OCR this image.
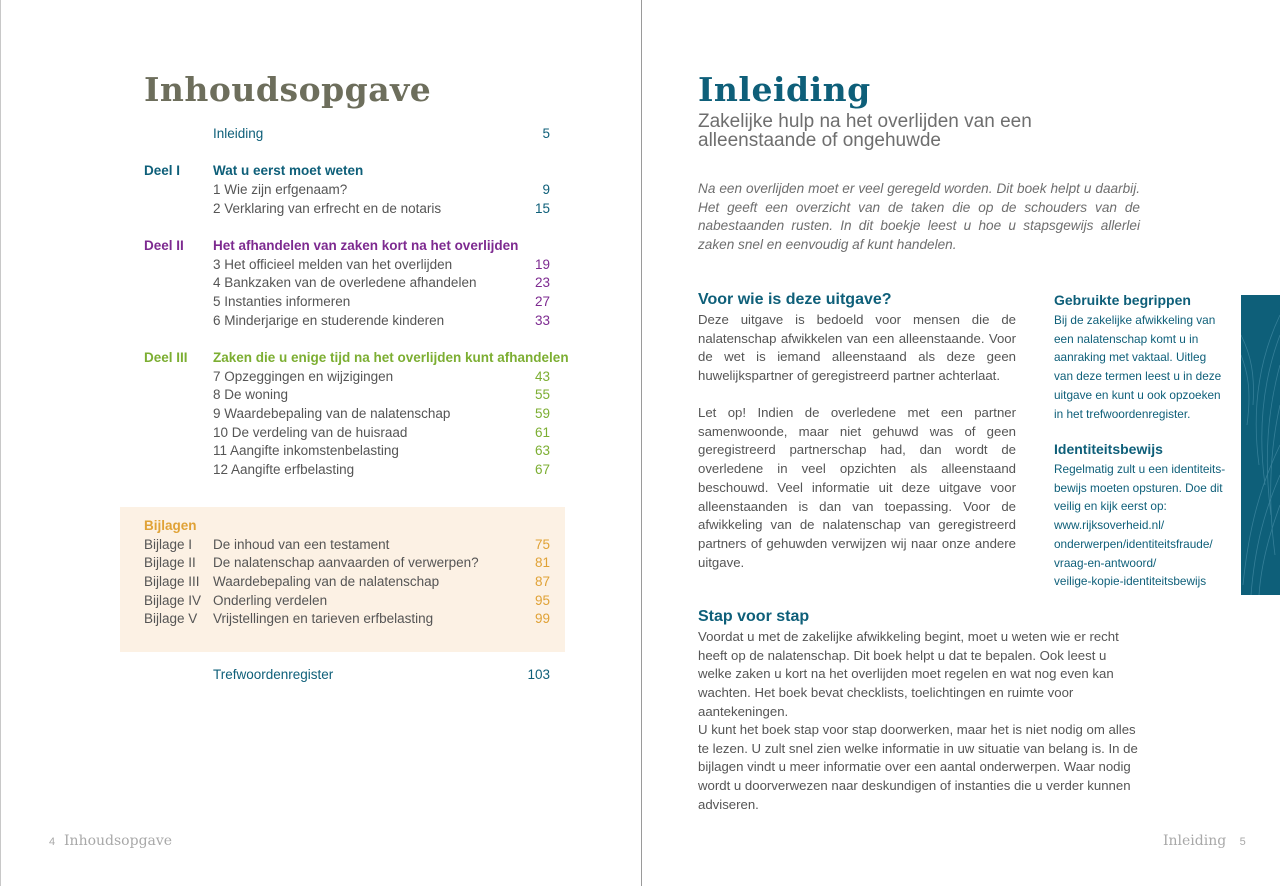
Inhoudsopgave
Inleiding	5
Deel I Wat u eerst moet weten
1 Wie zijn erfgenaam?	9
2 Verklaring van erfrecht en de notaris	15
Deel II Het afhandelen van zaken kort na het overlijden
3 Het officieel melden van het overlijden	19
4 Bankzaken van de overledene afhandelen	23
5 Instanties informeren	27
6 Minderjarige en studerende kinderen	33
Deel III Zaken die u enige tijd na het overlijden kunt afhandelen
7 Opzeggingen en wijzigingen	43
8 De woning	55
9 Waardebepaling van de nalatenschap	59
10 De verdeling van de huisraad	61
11 Aangifte inkomstenbelasting	63
12 Aangifte erfbelasting	67
Bijlagen
Bijlage I De inhoud van een testament	75
Bijlage II De nalatenschap aanvaarden of verwerpen?	81
Bijlage III Waardebepaling van de nalatenschap	87
Bijlage IV Onderling verdelen	95
Bijlage V Vrijstellingen en tarieven erfbelasting	99
Trefwoordenregister	103
4 Inhoudsopgave
Inleiding
Zakelijke hulp na het overlijden van een alleenstaande of ongehuwde
Na een overlijden moet er veel geregeld worden. Dit boek helpt u daarbij. Het geeft een overzicht van de taken die op de schouders van de nabestaanden rusten. In dit boekje leest u hoe u stapsgewijs allerlei zaken snel en eenvoudig af kunt handelen.
Voor wie is deze uitgave?
Deze uitgave is bedoeld voor mensen die de nalatenschap afwikkelen van een alleenstaande. Voor de wet is iemand alleenstaand als deze geen huwelijkspartner of geregistreerd partner achterlaat.
Let op! Indien de overledene met een partner samenwoonde, maar niet gehuwd was of geen geregistreerd partnerschap had, dan wordt de overledene in veel opzichten als alleenstaand beschouwd. Veel informatie uit deze uitgave voor alleenstaanden is dan van toepassing. Voor de afwikkeling van de nalatenschap van geregistreerd partners of gehuwden verwijzen wij naar onze andere uitgave.
Gebruikte begrippen
Bij de zakelijke afwikkeling van
een nalatenschap komt u in
aanraking met vaktaal. Uitleg
van deze termen leest u in deze
uitgave en kunt u ook opzoeken
in het trefwoordenregister.
Identiteitsbewijs
Regelmatig zult u een identiteits-
bewijs moeten opsturen. Doe dit
veilig en kijk eerst op:
www.rijksoverheid.nl/
onderwerpen/identiteitsfraude/
vraag-en-antwoord/
veilige-kopie-identiteitsbewijs
Stap voor stap
Voordat u met de zakelijke afwikkeling begint, moet u weten wie er recht heeft op de nalatenschap. Dit boek helpt u dat te bepalen. Ook leest u welke zaken u kort na het overlijden moet regelen en wat nog even kan wachten. Het boek bevat checklists, toelichtingen en ruimte voor aantekeningen.
U kunt het boek stap voor stap doorwerken, maar het is niet nodig om alles te lezen. U zult snel zien welke informatie in uw situatie van belang is. In de bijlagen vindt u meer informatie over een aantal onderwerpen. Waar nodig wordt u doorverwezen naar deskundigen of instanties die u verder kunnen adviseren.
Inleiding 5
